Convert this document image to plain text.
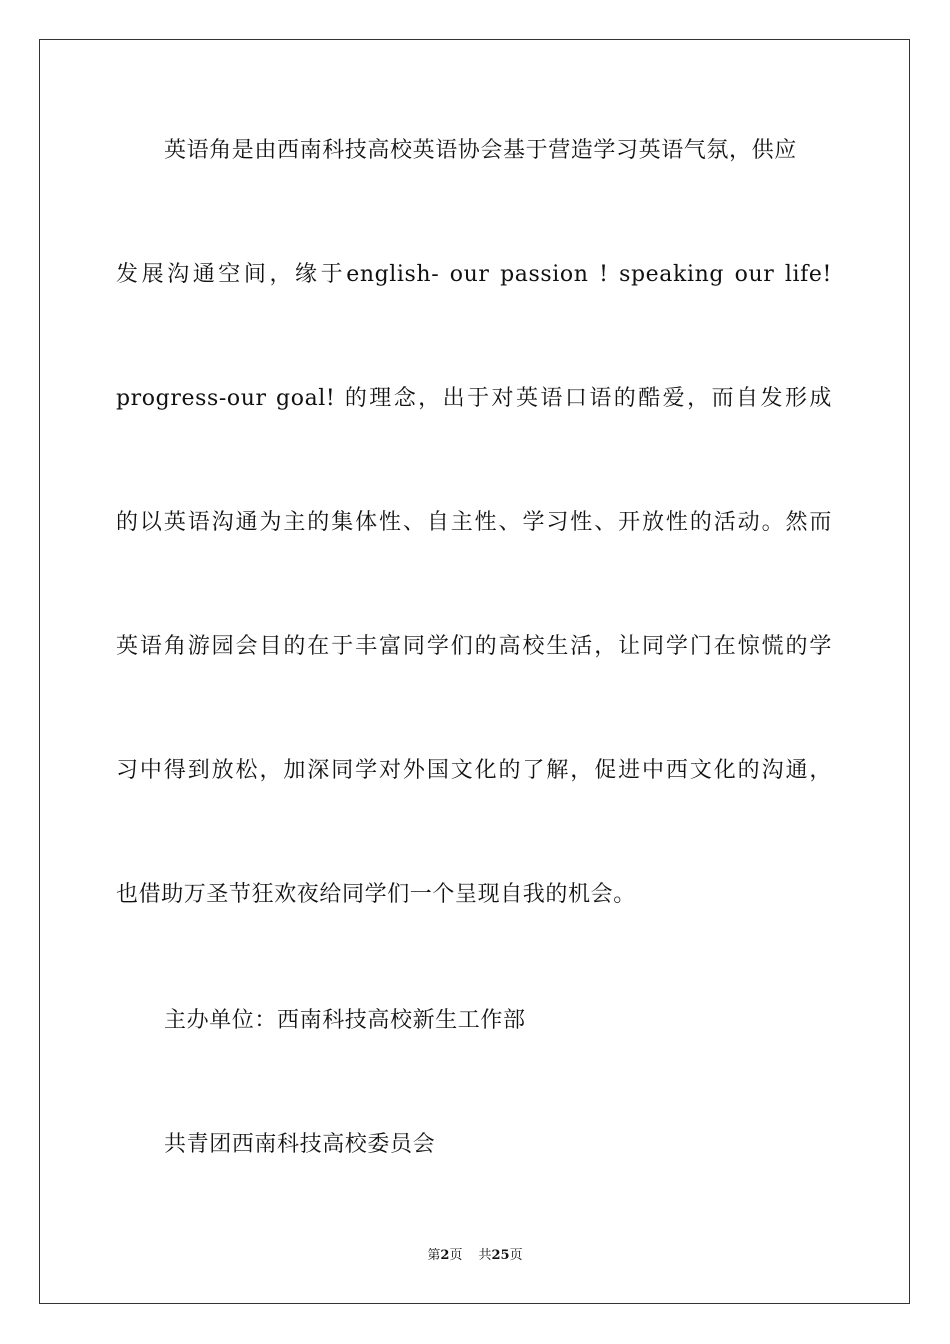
英语角是由西南科技高校英语协会基于营造学习英语气氛，供应
发展沟通空间，缘于english- our passion ! speaking our life!
progress-our goal! 的理念，出于对英语口语的酷爱，而自发形成
的以英语沟通为主的集体性、自主性、学习性、开放性的活动。然而
英语角游园会目的在于丰富同学们的高校生活，让同学门在惊慌的学
习中得到放松，加深同学对外国文化的了解，促进中西文化的沟通，
也借助万圣节狂欢夜给同学们一个呈现自我的机会。
主办单位：西南科技高校新生工作部
共青团西南科技高校委员会
第2页 共25页
